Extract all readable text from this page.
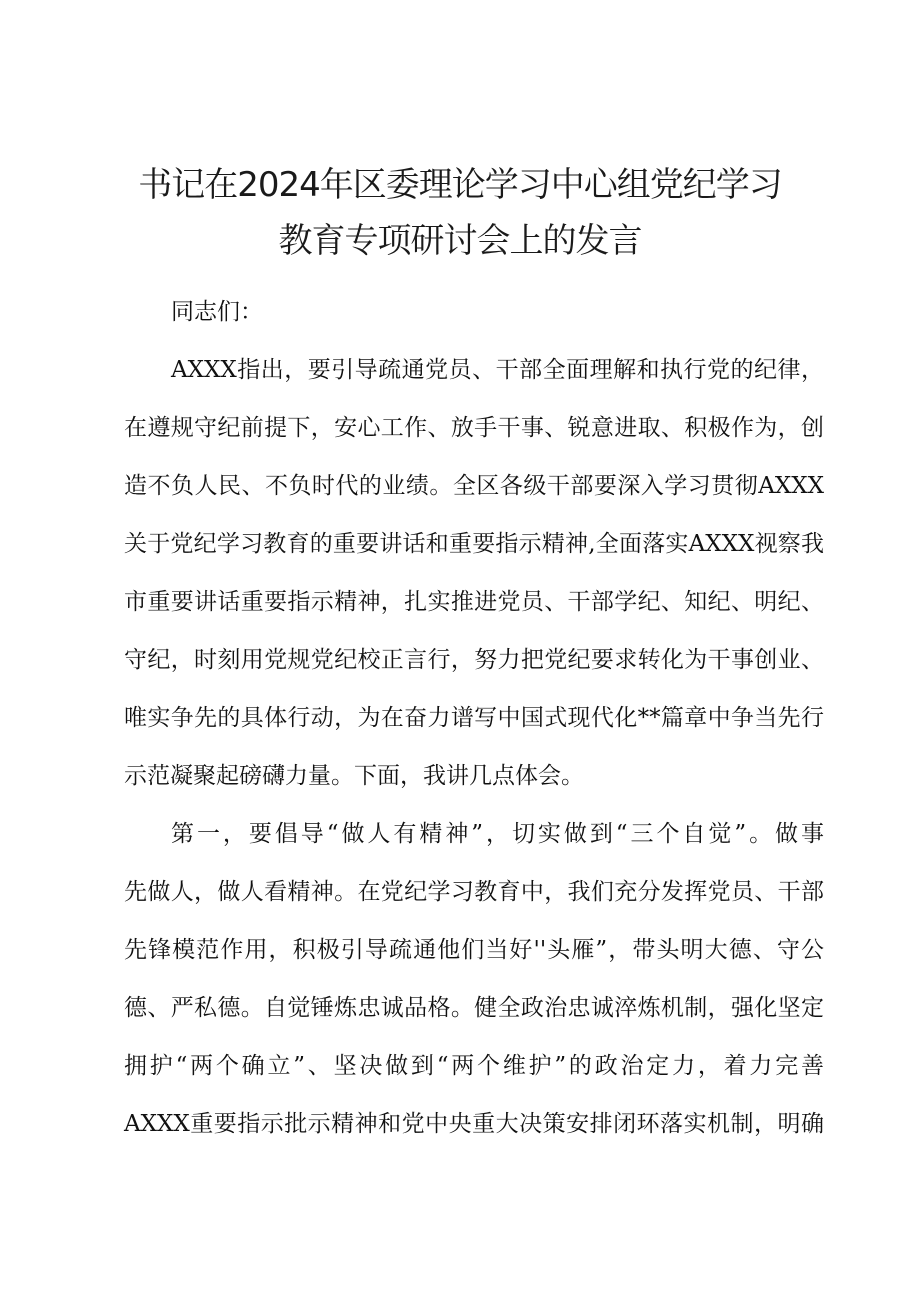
书记在2024年区委理论学习中心组党纪学习
教育专项研讨会上的发言
同志们：
AXXX指出，要引导疏通党员、干部全面理解和执行党的纪律，
在遵规守纪前提下，安心工作、放手干事、锐意进取、积极作为，创
造不负人民、不负时代的业绩。全区各级干部要深入学习贯彻AXXX
关于党纪学习教育的重要讲话和重要指示精神,全面落实AXXX视察我
市重要讲话重要指示精神，扎实推进党员、干部学纪、知纪、明纪、
守纪，时刻用党规党纪校正言行，努力把党纪要求转化为干事创业、
唯实争先的具体行动，为在奋力谱写中国式现代化**篇章中争当先行
示范凝聚起磅礴力量。下面，我讲几点体会。
第一，要倡导“做人有精神”，切实做到“三个自觉”。做事
先做人，做人看精神。在党纪学习教育中，我们充分发挥党员、干部
先锋模范作用，积极引导疏通他们当好''头雁”，带头明大德、守公
德、严私德。自觉锤炼忠诚品格。健全政治忠诚淬炼机制，强化坚定
拥护“两个确立”、坚决做到“两个维护”的政治定力，着力完善
AXXX重要指示批示精神和党中央重大决策安排闭环落实机制，明确
